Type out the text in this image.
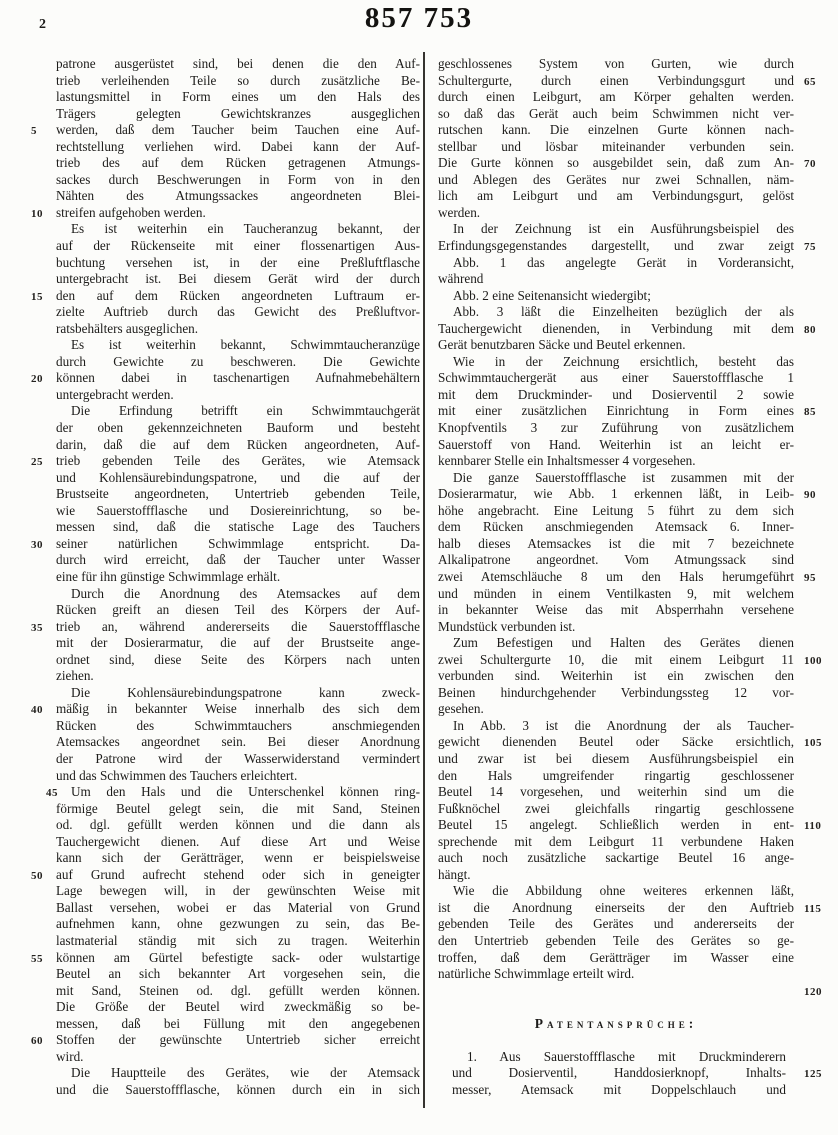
2	857 753
patrone ausgerüstet sind, bei denen die den Auf-
trieb verleihenden Teile so durch zusätzliche Be-
lastungsmittel in Form eines um den Hals des
Trägers gelegten Gewichtskranzes ausgeglichen
werden, daß dem Taucher beim Tauchen eine Auf-
5
rechtstellung verliehen wird. Dabei kann der Auf-
trieb des auf dem Rücken getragenen Atmungs-
sackes durch Beschwerungen in Form von in den
Nähten des Atmungssackes angeordneten Blei-
streifen aufgehoben werden.
10
Es ist weiterhin ein Taucheranzug bekannt, der
auf der Rückenseite mit einer flossenartigen Aus-
buchtung versehen ist, in der eine Preßluftflasche
untergebracht ist. Bei diesem Gerät wird der durch
den auf dem Rücken angeordneten Luftraum er-
15
zielte Auftrieb durch das Gewicht des Preßluftvor-
ratsbehälters ausgeglichen.
Es ist weiterhin bekannt, Schwimmtaucheranzüge
durch Gewichte zu beschweren. Die Gewichte
können dabei in taschenartigen Aufnahmebehältern
20
untergebracht werden.
Die Erfindung betrifft ein Schwimmtauchgerät
der oben gekennzeichneten Bauform und besteht
darin, daß die auf dem Rücken angeordneten, Auf-
trieb gebenden Teile des Gerätes, wie Atemsack
25
und Kohlensäurebindungspatrone, und die auf der
Brustseite angeordneten, Untertrieb gebenden Teile,
wie Sauerstoffflasche und Dosiereinrichtung, so be-
messen sind, daß die statische Lage des Tauchers
seiner natürlichen Schwimmlage entspricht. Da-
30
durch wird erreicht, daß der Taucher unter Wasser
eine für ihn günstige Schwimmlage erhält.
Durch die Anordnung des Atemsackes auf dem
Rücken greift an diesen Teil des Körpers der Auf-
trieb an, während andererseits die Sauerstoffflasche
35
mit der Dosierarmatur, die auf der Brustseite ange-
ordnet sind, diese Seite des Körpers nach unten
ziehen.
Die Kohlensäurebindungspatrone kann zweck-
mäßig in bekannter Weise innerhalb des sich dem
40
Rücken des Schwimmtauchers anschmiegenden
Atemsackes angeordnet sein. Bei dieser Anordnung
der Patrone wird der Wasserwiderstand vermindert
und das Schwimmen des Tauchers erleichtert.
Um den Hals und die Unterschenkel können ring-
45
förmige Beutel gelegt sein, die mit Sand, Steinen
od. dgl. gefüllt werden können und die dann als
Tauchergewicht dienen. Auf diese Art und Weise
kann sich der Gerätträger, wenn er beispielsweise
auf Grund aufrecht stehend oder sich in geneigter
50
Lage bewegen will, in der gewünschten Weise mit
Ballast versehen, wobei er das Material von Grund
aufnehmen kann, ohne gezwungen zu sein, das Be-
lastmaterial ständig mit sich zu tragen. Weiterhin
können am Gürtel befestigte sack- oder wulstartige
55
Beutel an sich bekannter Art vorgesehen sein, die
mit Sand, Steinen od. dgl. gefüllt werden können.
Die Größe der Beutel wird zweckmäßig so be-
messen, daß bei Füllung mit den angegebenen
Stoffen der gewünschte Untertrieb sicher erreicht
60
wird.
Die Hauptteile des Gerätes, wie der Atemsack
und die Sauerstoffflasche, können durch ein in sich
geschlossenes System von Gurten, wie durch
Schultergurte, durch einen Verbindungsgurt und 65
durch einen Leibgurt, am Körper gehalten werden.
so daß das Gerät auch beim Schwimmen nicht ver-
rutschen kann. Die einzelnen Gurte können nach-
stellbar und lösbar miteinander verbunden sein.
Die Gurte können so ausgebildet sein, daß zum An- 70
und Ablegen des Gerätes nur zwei Schnallen, näm-
lich am Leibgurt und am Verbindungsgurt, gelöst
werden.
In der Zeichnung ist ein Ausführungsbeispiel des
Erfindungsgegenstandes dargestellt, und zwar zeigt 75
Abb. 1 das angelegte Gerät in Vorderansicht,
während
Abb. 2 eine Seitenansicht wiedergibt;
Abb. 3 läßt die Einzelheiten bezüglich der als
Tauchergewicht dienenden, in Verbindung mit dem 80
Gerät benutzbaren Säcke und Beutel erkennen.
Wie in der Zeichnung ersichtlich, besteht das
Schwimmtauchergerät aus einer Sauerstoffflasche 1
mit dem Druckminder- und Dosierventil 2 sowie
mit einer zusätzlichen Einrichtung in Form eines 85
Knopfventils 3 zur Zuführung von zusätzlichem
Sauerstoff von Hand. Weiterhin ist an leicht er-
kennbarer Stelle ein Inhaltsmesser 4 vorgesehen.
Die ganze Sauerstoffflasche ist zusammen mit der
Dosierarmatur, wie Abb. 1 erkennen läßt, in Leib- 90
höhe angebracht. Eine Leitung 5 führt zu dem sich
dem Rücken anschmiegenden Atemsack 6. Inner-
halb dieses Atemsackes ist die mit 7 bezeichnete
Alkalipatrone angeordnet. Vom Atmungssack sind
zwei Atemschläuche 8 um den Hals herumgeführt 95
und münden in einem Ventilkasten 9, mit welchem
in bekannter Weise das mit Absperrhahn versehene
Mundstück verbunden ist.
Zum Befestigen und Halten des Gerätes dienen
zwei Schultergurte 10, die mit einem Leibgurt 11 100
verbunden sind. Weiterhin ist ein zwischen den
Beinen hindurchgehender Verbindungssteg 12 vor-
gesehen.
In Abb. 3 ist die Anordnung der als Taucher-
gewicht dienenden Beutel oder Säcke ersichtlich, 105
und zwar ist bei diesem Ausführungsbeispiel ein
den Hals umgreifender ringartig geschlossener
Beutel 14 vorgesehen, und weiterhin sind um die
Fußknöchel zwei gleichfalls ringartig geschlossene
Beutel 15 angelegt. Schließlich werden in ent- 110
sprechende mit dem Leibgurt 11 verbundene Haken
auch noch zusätzliche sackartige Beutel 16 ange-
hängt.
Wie die Abbildung ohne weiteres erkennen läßt,
ist die Anordnung einerseits der den Auftrieb 115
gebenden Teile des Gerätes und andererseits der
den Untertrieb gebenden Teile des Gerätes so ge-
troffen, daß dem Gerätträger im Wasser eine
natürliche Schwimmlage erteilt wird.
120
Patentansprüche:
1. Aus Sauerstoffflasche mit Druckminderern
und Dosierventil, Handdosierknopf, Inhalts- 125
messer, Atemsack mit Doppelschlauch und
